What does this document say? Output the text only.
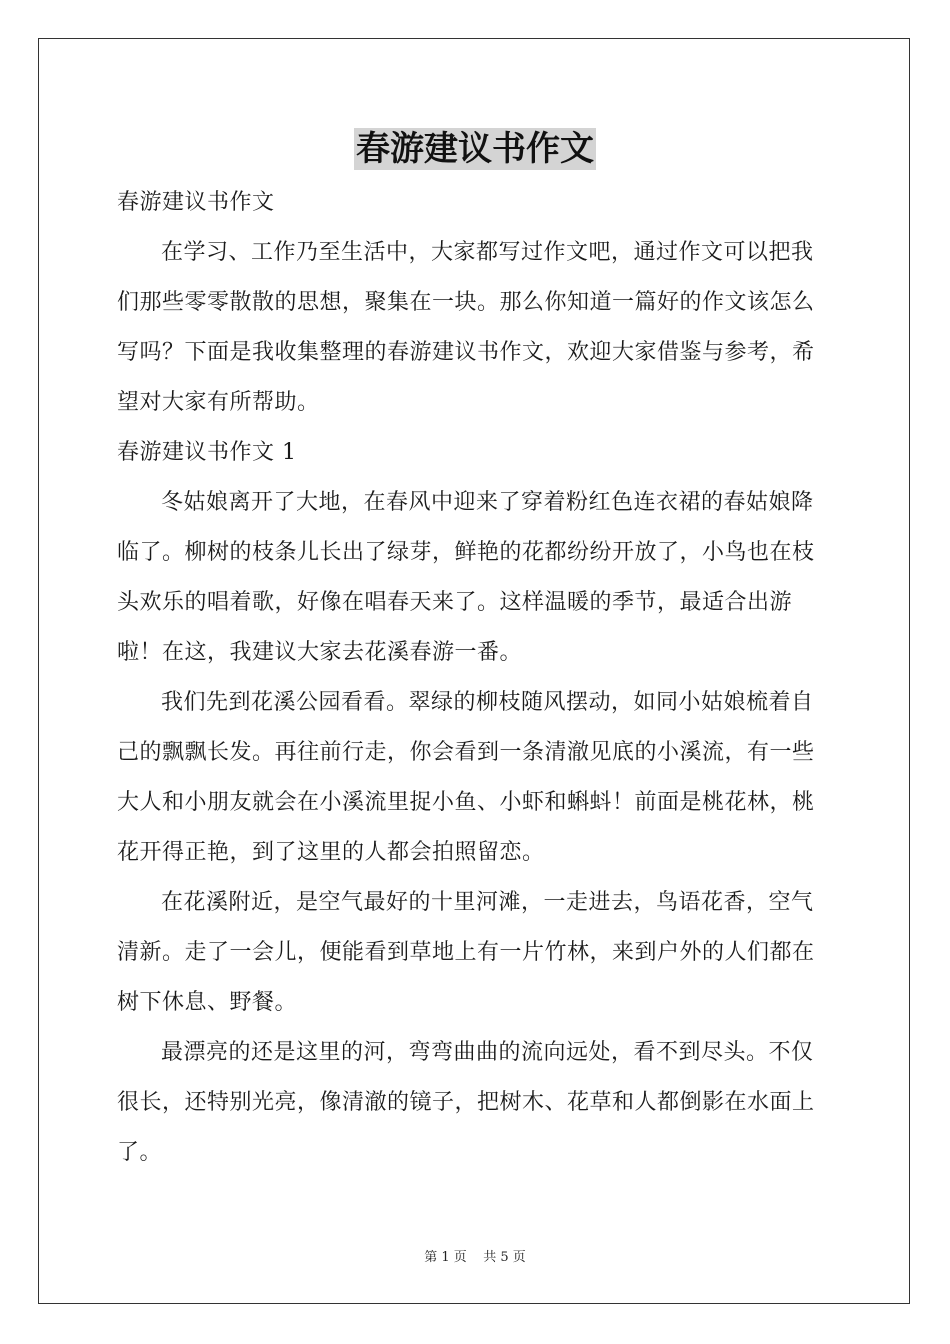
春游建议书作文

春游建议书作文

在学习、工作乃至生活中，大家都写过作文吧，通过作文可以把我们那些零零散散的思想，聚集在一块。那么你知道一篇好的作文该怎么写吗？下面是我收集整理的春游建议书作文，欢迎大家借鉴与参考，希望对大家有所帮助。

春游建议书作文 1

冬姑娘离开了大地，在春风中迎来了穿着粉红色连衣裙的春姑娘降临了。柳树的枝条儿长出了绿芽，鲜艳的花都纷纷开放了，小鸟也在枝头欢乐的唱着歌，好像在唱春天来了。这样温暖的季节，最适合出游啦！在这，我建议大家去花溪春游一番。

我们先到花溪公园看看。翠绿的柳枝随风摆动，如同小姑娘梳着自己的飘飘长发。再往前行走，你会看到一条清澈见底的小溪流，有一些大人和小朋友就会在小溪流里捉小鱼、小虾和蝌蚪！前面是桃花林，桃花开得正艳，到了这里的人都会拍照留恋。

在花溪附近，是空气最好的十里河滩，一走进去，鸟语花香，空气清新。走了一会儿，便能看到草地上有一片竹林，来到户外的人们都在树下休息、野餐。

最漂亮的还是这里的河，弯弯曲曲的流向远处，看不到尽头。不仅很长，还特别光亮，像清澈的镜子，把树木、花草和人都倒影在水面上了。

第 1 页    共 5 页
